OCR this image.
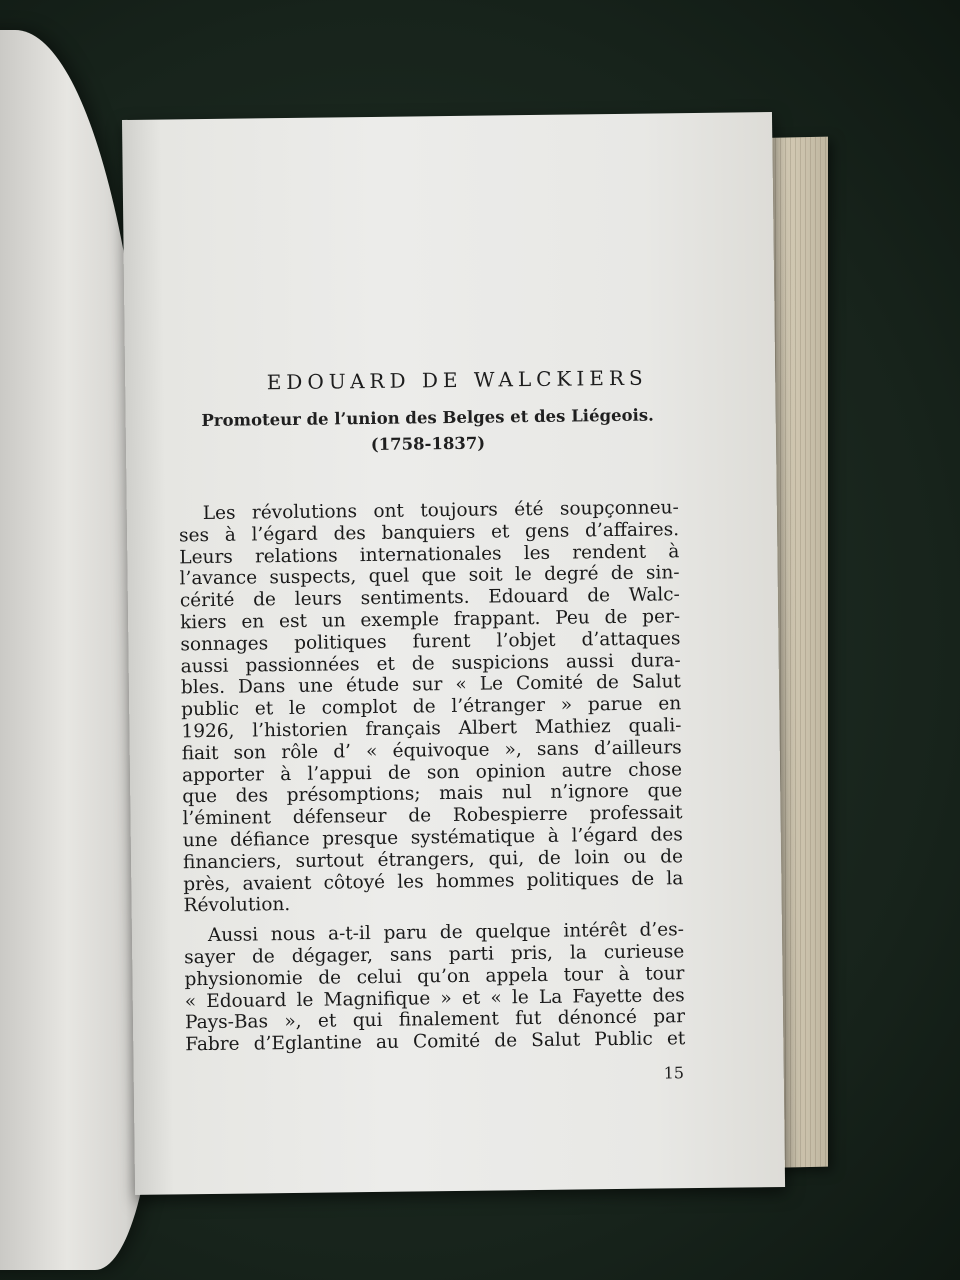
EDOUARD DE WALCKIERS
Promoteur de l’union des Belges et des Liégeois.
(1758-1837)
Les révolutions ont toujours été soupçonneu-
ses à l’égard des banquiers et gens d’affaires.
Leurs relations internationales les rendent à
l’avance suspects, quel que soit le degré de sin-
cérité de leurs sentiments. Edouard de Walc-
kiers en est un exemple frappant. Peu de per-
sonnages politiques furent l’objet d’attaques
aussi passionnées et de suspicions aussi dura-
bles. Dans une étude sur « Le Comité de Salut
public et le complot de l’étranger » parue en
1926, l’historien français Albert Mathiez quali-
fiait son rôle d’ « équivoque », sans d’ailleurs
apporter à l’appui de son opinion autre chose
que des présomptions; mais nul n’ignore que
l’éminent défenseur de Robespierre professait
une défiance presque systématique à l’égard des
financiers, surtout étrangers, qui, de loin ou de
près, avaient côtoyé les hommes politiques de la
Révolution.
Aussi nous a-t-il paru de quelque intérêt d’es-
sayer de dégager, sans parti pris, la curieuse
physionomie de celui qu’on appela tour à tour
« Edouard le Magnifique » et « le La Fayette des
Pays-Bas », et qui finalement fut dénoncé par
Fabre d’Eglantine au Comité de Salut Public et
15
